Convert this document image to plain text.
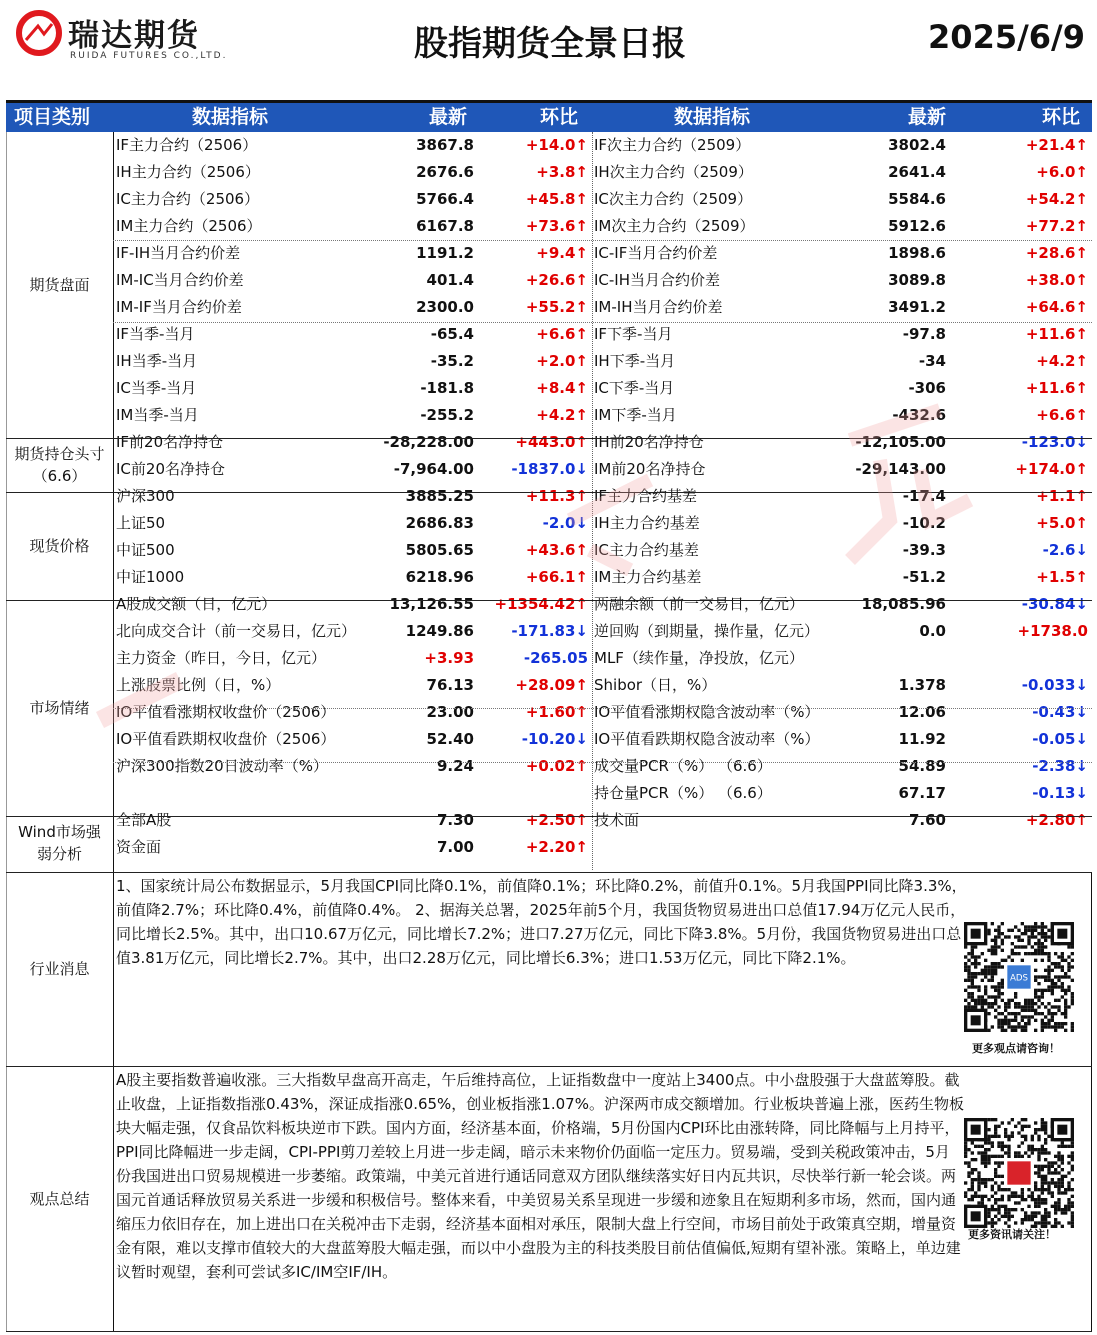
瑞达期货
RUIDA FUTURES CO.,LTD.	股指期货全景日报	2025/6/9
项目类别	数据指标	最新	环比	数据指标	最新	环比
期货盘面
期货持仓头寸（6.6）
现货价格
市场情绪
Wind市场强弱分析
行业消息
观点总结
IF主力合约（2506）	3867.8	+14.0↑ IF次主力合约（2509）	3802.4	+21.4↑
IH主力合约（2506）	2676.6	+3.8↑ IH次主力合约（2509）	2641.4	+6.0↑
IC主力合约（2506）	5766.4	+45.8↑ IC次主力合约（2509）	5584.6	+54.2↑
IM主力合约（2506）	6167.8	+73.6↑ IM次主力合约（2509）	5912.6	+77.2↑
IF-IH当月合约价差	1191.2	+9.4↑ IC-IF当月合约价差	1898.6	+28.6↑
IM-IC当月合约价差	401.4	+26.6↑ IC-IH当月合约价差	3089.8	+38.0↑
IM-IF当月合约价差	2300.0	+55.2↑ IM-IH当月合约价差	3491.2	+64.6↑
IF当季-当月	-65.4	+6.6↑ IF下季-当月	-97.8	+11.6↑
IH当季-当月	-35.2	+2.0↑ IH下季-当月	-34	+4.2↑
IC当季-当月	-181.8	+8.4↑ IC下季-当月	-306	+11.6↑
IM当季-当月	-255.2	+4.2↑ IM下季-当月	-432.6	+6.6↑
IF前20名净持仓	-28,228.00	+443.0↑ IH前20名净持仓	-12,105.00	-123.0↓
IC前20名净持仓	-7,964.00	-1837.0↓ IM前20名净持仓	-29,143.00	+174.0↑
沪深300	3885.25	+11.3↑ IF主力合约基差	-17.4	+1.1↑
上证50	2686.83	-2.0↓ IH主力合约基差	-10.2	+5.0↑
中证500	5805.65	+43.6↑ IC主力合约基差	-39.3	-2.6↓
中证1000	6218.96	+66.1↑ IM主力合约基差	-51.2	+1.5↑
A股成交额（日，亿元）	13,126.55	+1354.42↑ 两融余额（前一交易日，亿元）	18,085.96	-30.84↓
北向成交合计（前一交易日，亿元）	1249.86	-171.83↓ 逆回购（到期量，操作量，亿元）	0.0	+1738.0
主力资金（昨日，今日，亿元）	+3.93	-265.05 MLF（续作量，净投放，亿元）
上涨股票比例（日，%）	76.13	+28.09↑ Shibor（日，%）	1.378	-0.033↓
IO平值看涨期权收盘价（2506）	23.00	+1.60↑ IO平值看涨期权隐含波动率（%）	12.06	-0.43↓
IO平值看跌期权收盘价（2506）	52.40	-10.20↓ IO平值看跌期权隐含波动率（%）	11.92	-0.05↓
沪深300指数20日波动率（%）	9.24	+0.02↑ 成交量PCR（%） （6.6）	54.89	-2.38↓
持仓量PCR（%） （6.6）	67.17	-0.13↓
全部A股	7.30	+2.50↑ 技术面	7.60	+2.80↑
资金面	7.00	+2.20↑
1、国家统计局公布数据显示，5月我国CPI同比降0.1%，前值降0.1%；环比降0.2%，前值升0.1%。5月我国PPI同比降3.3%，前值降2.7%；环比降0.4%，前值降0.4%。 2、据海关总署，2025年前5个月，我国货物贸易进出口总值17.94万亿元人民币，同比增长2.5%。其中，出口10.67万亿元，同比增长7.2%；进口7.27万亿元，同比下降3.8%。5月份，我国货物贸易进出口总值3.81万亿元，同比增长2.7%。其中，出口2.28万亿元，同比增长6.3%；进口1.53万亿元，同比下降2.1%。
ADS
更多观点请咨询！
A股主要指数普遍收涨。三大指数早盘高开高走，午后维持高位，上证指数盘中一度站上3400点。中小盘股强于大盘蓝筹股。截止收盘，上证指数指涨0.43%，深证成指涨0.65%，创业板指涨1.07%。沪深两市成交额增加。行业板块普遍上涨，医药生物板块大幅走强，仅食品饮料板块逆市下跌。国内方面，经济基本面，价格端，5月份国内CPI环比由涨转降，同比降幅与上月持平，PPI同比降幅进一步走阔，CPI-PPI剪刀差较上月进一步走阔，暗示未来物价仍面临一定压力。贸易端，受到关税政策冲击，5月份我国进出口贸易规模进一步萎缩。政策端，中美元首进行通话同意双方团队继续落实好日内瓦共识，尽快举行新一轮会谈。两国元首通话释放贸易关系进一步缓和积极信号。整体来看，中美贸易关系呈现进一步缓和迹象且在短期利多市场，然而，国内通缩压力依旧存在，加上进出口在关税冲击下走弱，经济基本面相对承压，限制大盘上行空间，市场目前处于政策真空期，增量资金有限，难以支撑市值较大的大盘蓝筹股大幅走强，而以中小盘股为主的科技类股目前估值偏低,短期有望补涨。策略上，单边建议暂时观望，套利可尝试多IC/IM空IF/IH。
更多资讯请关注！
